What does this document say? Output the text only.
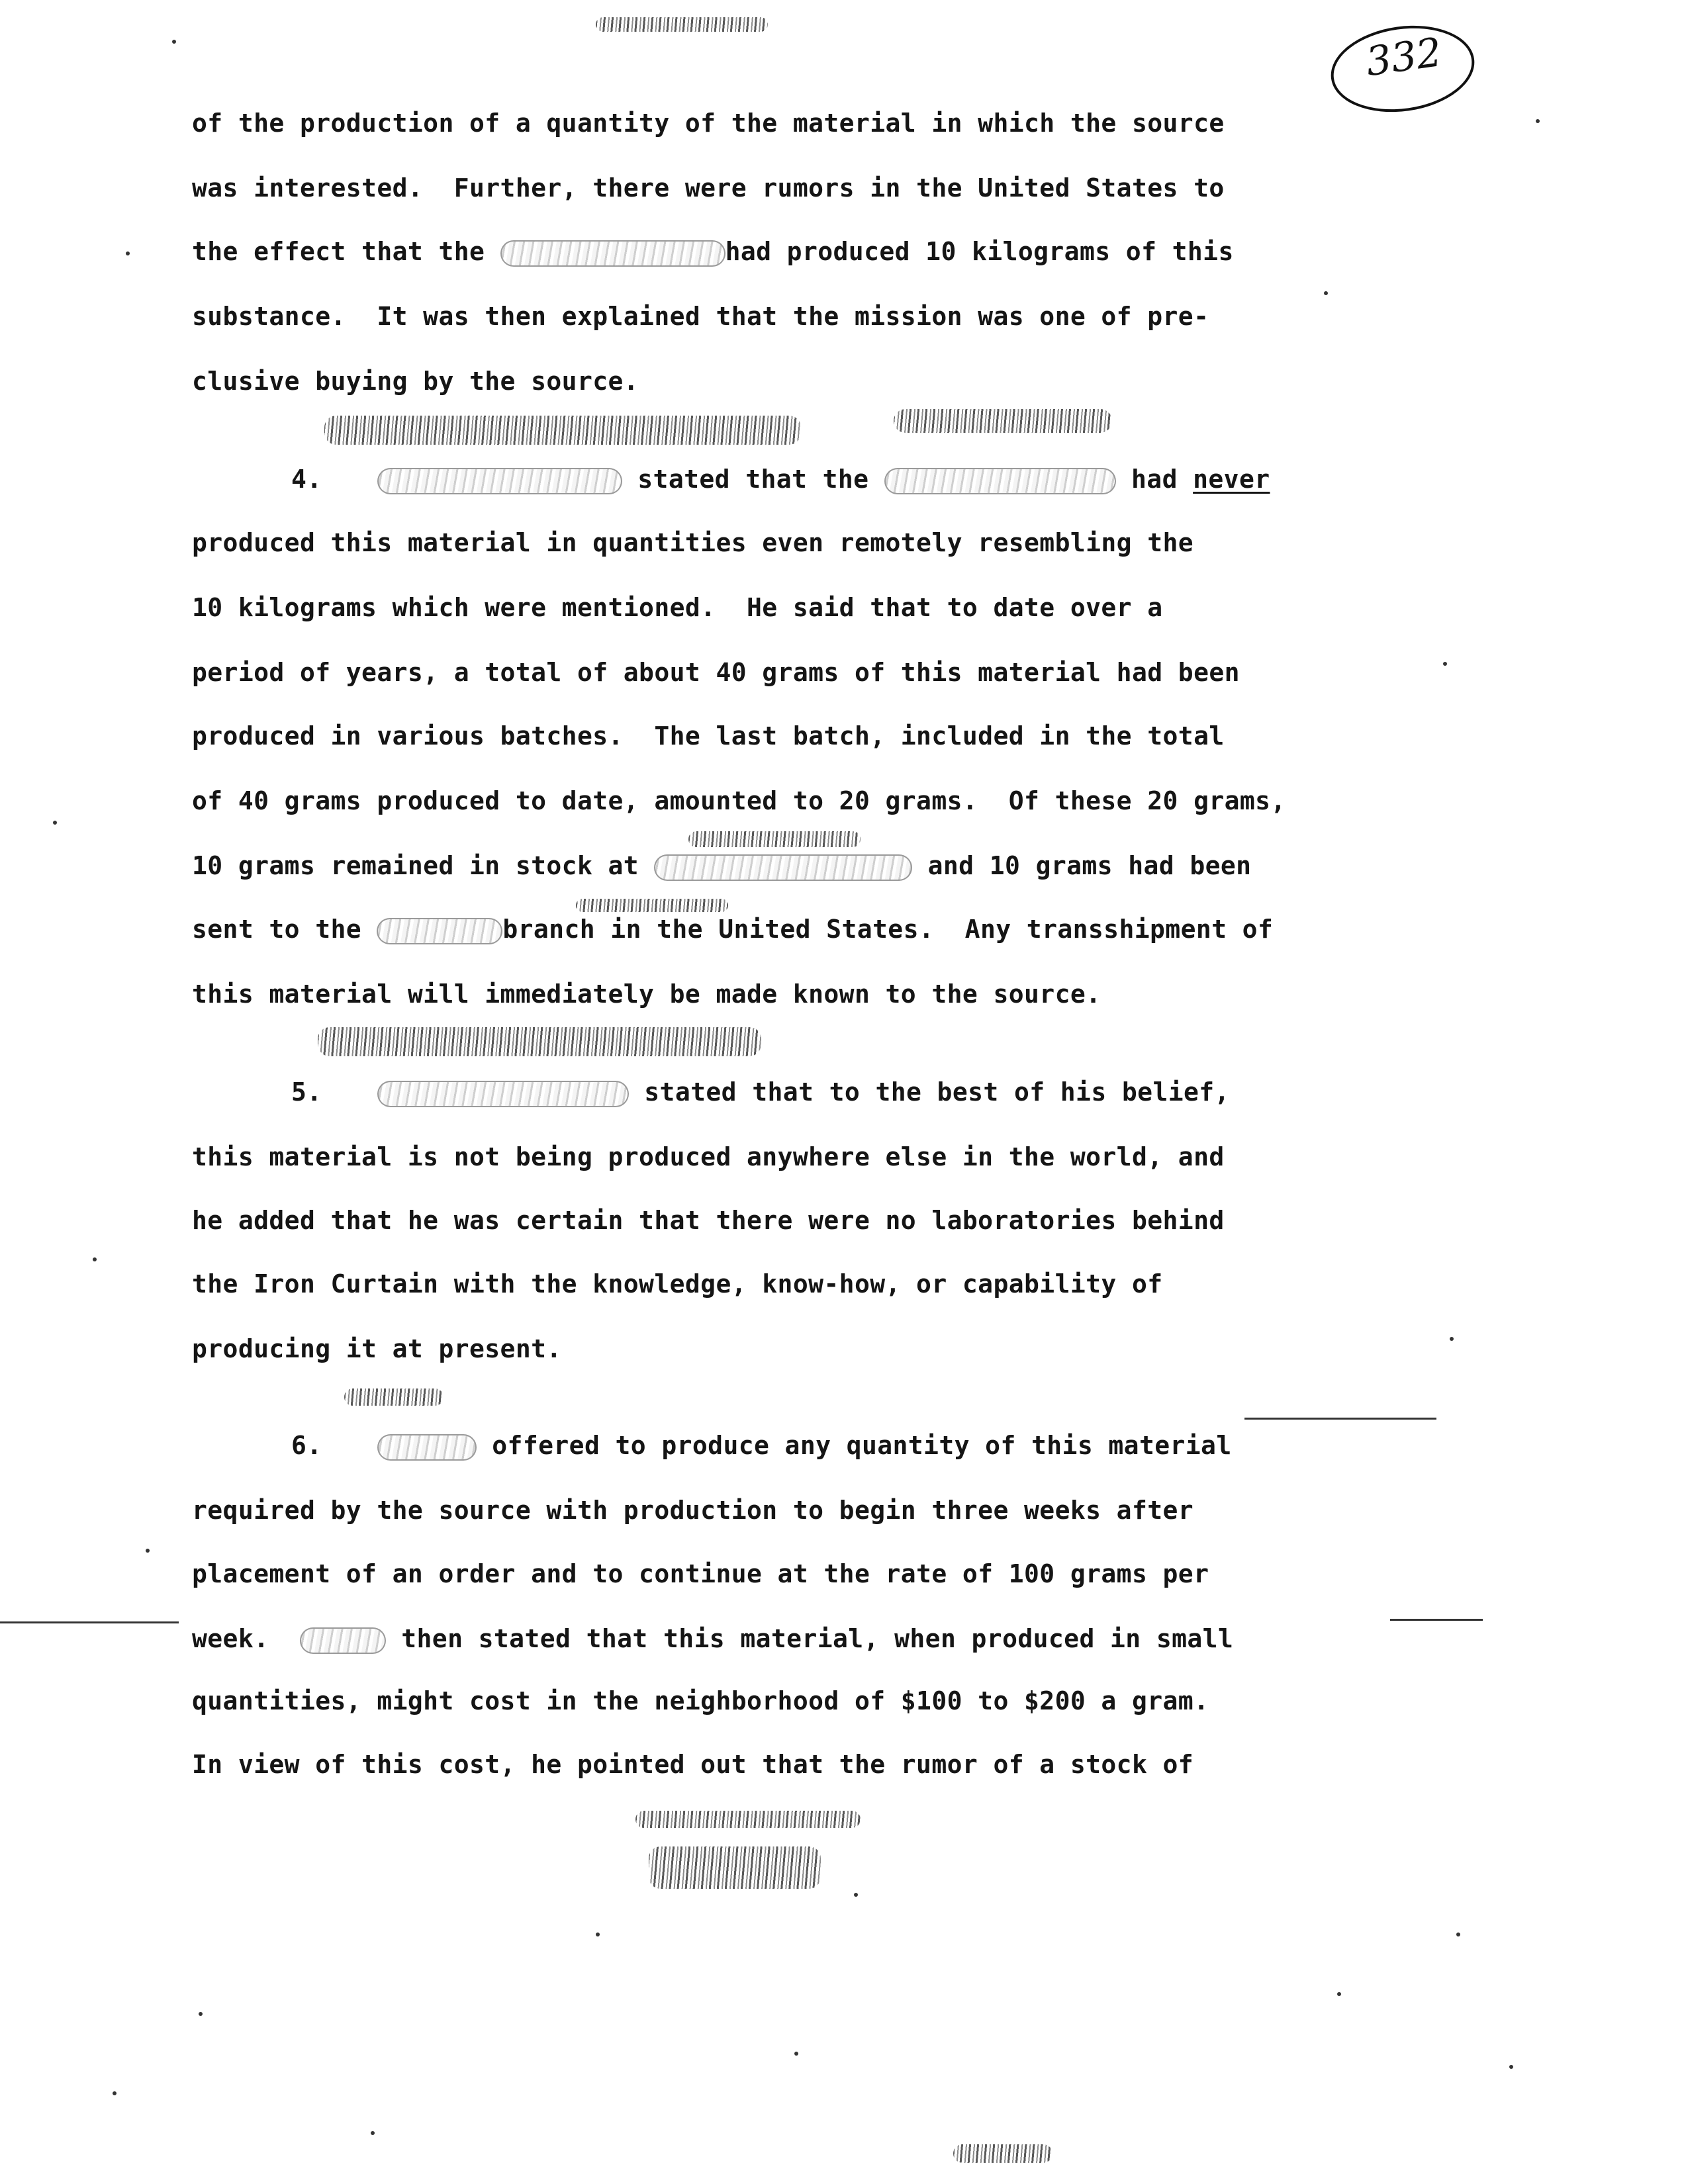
332
of the production of a quantity of the material in which the source
was interested.  Further, there were rumors in the United States to
the effect that the	had produced 10 kilograms of this
substance.  It was then explained that the mission was one of pre-
clusive buying by the source.
4.	stated that the	had never
produced this material in quantities even remotely resembling the
10 kilograms which were mentioned.  He said that to date over a
period of years, a total of about 40 grams of this material had been
produced in various batches.  The last batch, included in the total
of 40 grams produced to date, amounted to 20 grams.  Of these 20 grams,
10 grams remained in stock at	and 10 grams had been
sent to the	branch in the United States.  Any transshipment of
this material will immediately be made known to the source.
5.	stated that to the best of his belief,
this material is not being produced anywhere else in the world, and
he added that he was certain that there were no laboratories behind
the Iron Curtain with the knowledge, know-how, or capability of
producing it at present.
6.	offered to produce any quantity of this material
required by the source with production to begin three weeks after
placement of an order and to continue at the rate of 100 grams per
week.	then stated that this material, when produced in small
quantities, might cost in the neighborhood of $100 to $200 a gram.
In view of this cost, he pointed out that the rumor of a stock of
